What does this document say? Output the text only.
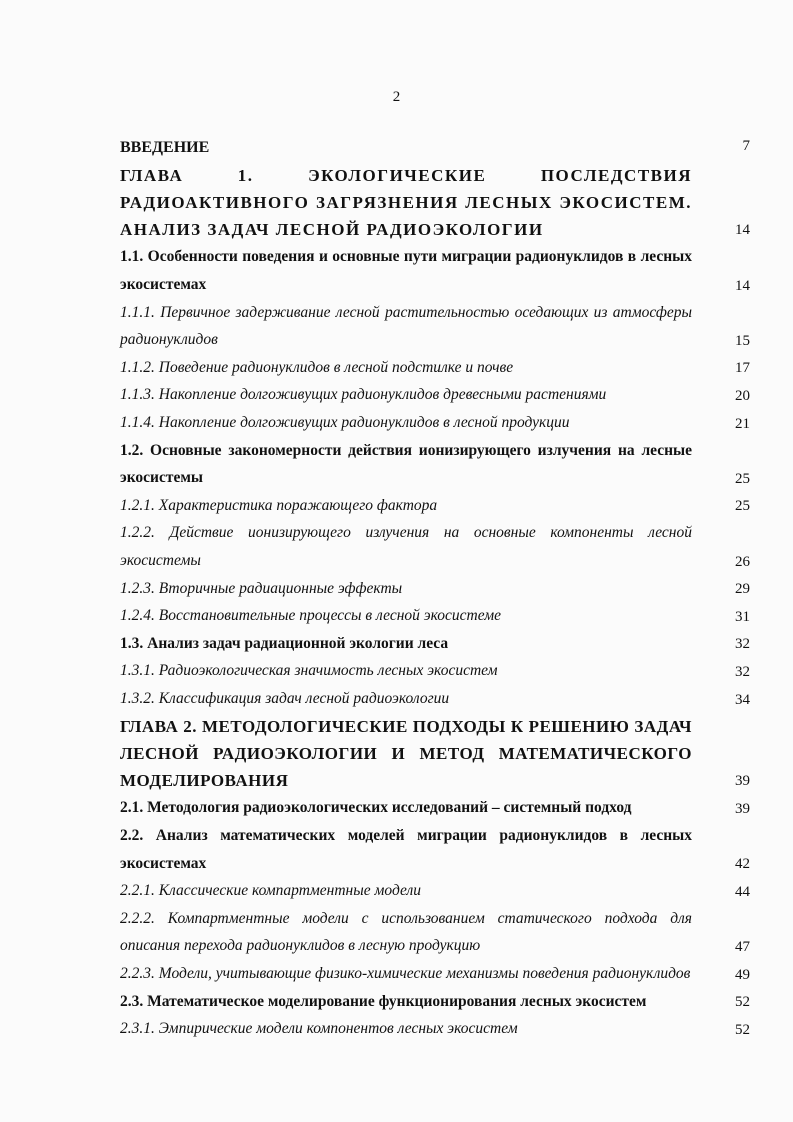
2
ВВЕДЕНИЕ	7
ГЛАВА 1. ЭКОЛОГИЧЕСКИЕ ПОСЛЕДСТВИЯ РАДИОАКТИВНОГО ЗАГРЯЗНЕНИЯ ЛЕСНЫХ ЭКОСИСТЕМ. АНАЛИЗ ЗАДАЧ ЛЕСНОЙ РАДИОЭКОЛОГИИ	14
1.1. Особенности поведения и основные пути миграции радионуклидов в лесных экосистемах	14
1.1.1. Первичное задерживание лесной растительностью оседающих из атмосферы радионуклидов	15
1.1.2. Поведение радионуклидов в лесной подстилке и почве	17
1.1.3. Накопление долгоживущих радионуклидов древесными растениями	20
1.1.4. Накопление долгоживущих радионуклидов в лесной продукции	21
1.2. Основные закономерности действия ионизирующего излучения на лесные экосистемы	25
1.2.1. Характеристика поражающего фактора	25
1.2.2. Действие ионизирующего излучения на основные компоненты лесной экосистемы	26
1.2.3. Вторичные радиационные эффекты	29
1.2.4. Восстановительные процессы в лесной экосистеме	31
1.3. Анализ задач радиационной экологии леса	32
1.3.1. Радиоэкологическая значимость лесных экосистем	32
1.3.2. Классификация задач лесной радиоэкологии	34
ГЛАВА 2. МЕТОДОЛОГИЧЕСКИЕ ПОДХОДЫ К РЕШЕНИЮ ЗАДАЧ ЛЕСНОЙ РАДИОЭКОЛОГИИ И МЕТОД МАТЕМАТИЧЕСКОГО МОДЕЛИРОВАНИЯ	39
2.1. Методология радиоэкологических исследований – системный подход	39
2.2. Анализ математических моделей миграции радионуклидов в лесных экосистемах	42
2.2.1. Классические компартментные модели	44
2.2.2. Компартментные модели с использованием статического подхода для описания перехода радионуклидов в лесную продукцию	47
2.2.3. Модели, учитывающие физико-химические механизмы поведения радионуклидов	49
2.3. Математическое моделирование функционирования лесных экосистем	52
2.3.1. Эмпирические модели компонентов лесных экосистем	52
